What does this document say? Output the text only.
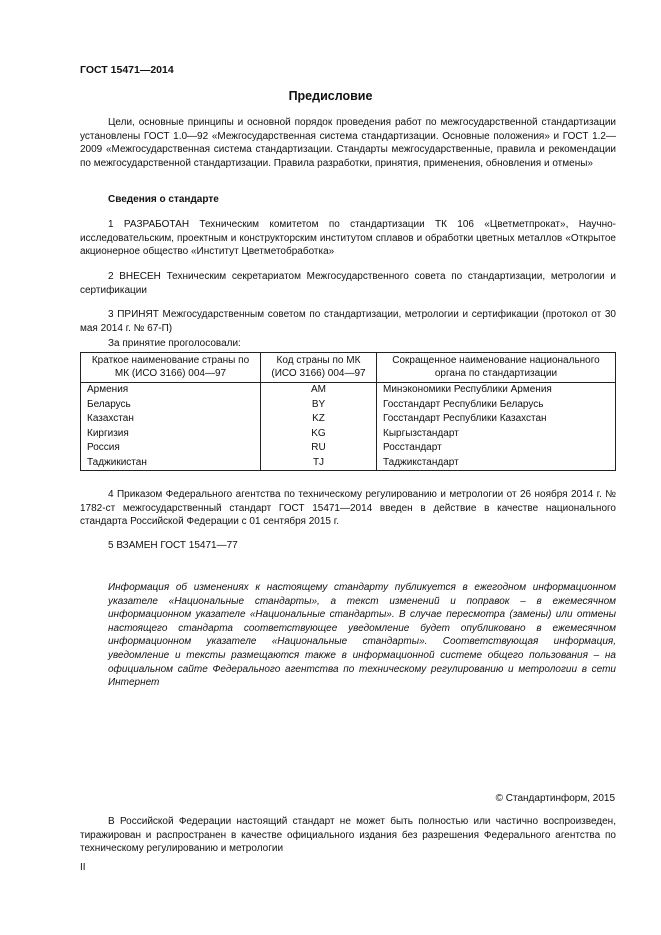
ГОСТ 15471—2014
Предисловие
Цели, основные принципы и основной порядок проведения работ по межгосударственной стандартизации установлены ГОСТ 1.0—92 «Межгосударственная система стандартизации. Основные положения» и ГОСТ 1.2—2009 «Межгосударственная система стандартизации. Стандарты межгосударственные, правила и рекомендации по межгосударственной стандартизации. Правила разработки, принятия, применения, обновления и отмены»
Сведения о стандарте
1 РАЗРАБОТАН Техническим комитетом по стандартизации ТК 106 «Цветметпрокат», Научно-исследовательским, проектным и конструкторским институтом сплавов и обработки цветных металлов «Открытое акционерное общество «Институт Цветметобработка»
2 ВНЕСЕН Техническим секретариатом Межгосударственного совета по стандартизации, метрологии и сертификации
3 ПРИНЯТ Межгосударственным советом по стандартизации, метрологии и сертификации (протокол от 30 мая 2014 г. № 67-П)
За принятие проголосовали:
Краткое наименование страны по МК (ИСО 3166) 004—97	Код страны по МК (ИСО 3166) 004—97	Сокращенное наименование национального органа по стандартизации
Армения	AM	Минэкономики Республики Армения
Беларусь	BY	Госстандарт Республики Беларусь
Казахстан	KZ	Госстандарт Республики Казахстан
Киргизия	KG	Кыргызстандарт
Россия	RU	Росстандарт
Таджикистан	TJ	Таджикстандарт
4 Приказом Федерального агентства по техническому регулированию и метрологии от 26 ноября 2014 г. № 1782-ст межгосударственный стандарт ГОСТ 15471—2014 введен в действие в качестве национального стандарта Российской Федерации с 01 сентября 2015 г.
5 ВЗАМЕН ГОСТ 15471—77
Информация об изменениях к настоящему стандарту публикуется в ежегодном информационном указателе «Национальные стандарты», а текст изменений и поправок – в ежемесячном информационном указателе «Национальные стандарты». В случае пересмотра (замены) или отмены настоящего стандарта соответствующее уведомление будет опубликовано в ежемесячном информационном указателе «Национальные стандарты». Соответствующая информация, уведомление и тексты размещаются также в информационной системе общего пользования – на официальном сайте Федерального агентства по техническому регулированию и метрологии в сети Интернет
© Стандартинформ, 2015
В Российской Федерации настоящий стандарт не может быть полностью или частично воспроизведен, тиражирован и распространен в качестве официального издания без разрешения Федерального агентства по техническому регулированию и метрологии
II
